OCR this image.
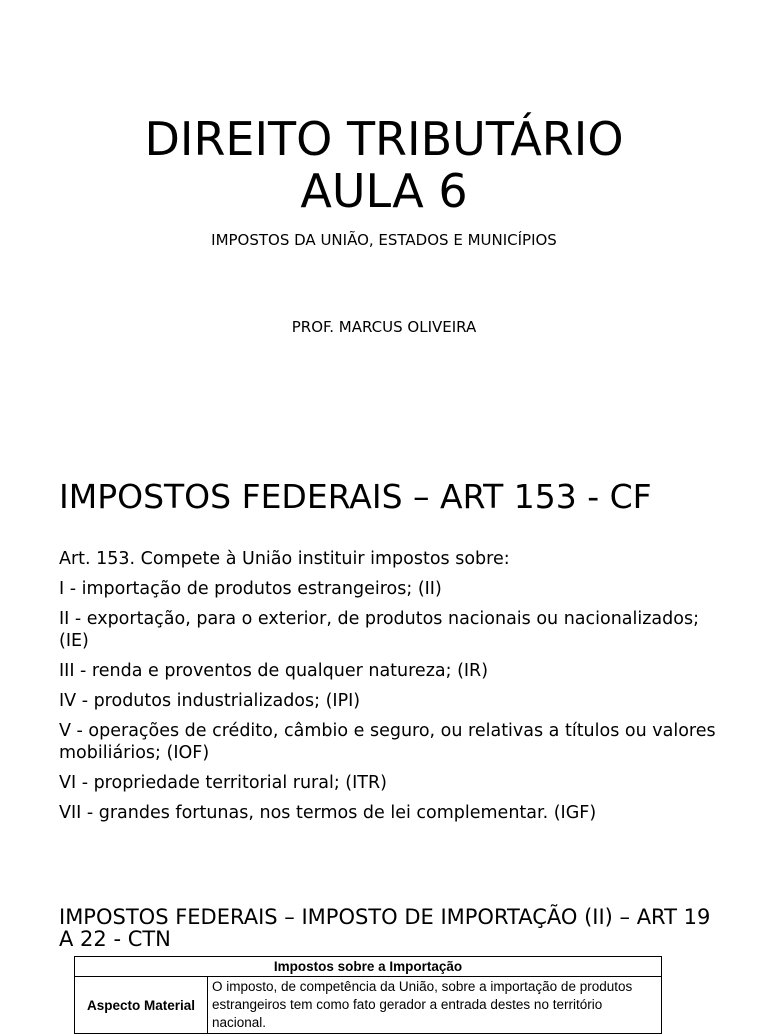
DIREITO TRIBUTÁRIO
AULA 6
IMPOSTOS DA UNIÃO, ESTADOS E MUNICÍPIOS
PROF. MARCUS OLIVEIRA
IMPOSTOS FEDERAIS – ART 153 - CF
Art. 153. Compete à União instituir impostos sobre:
I - importação de produtos estrangeiros; (II)
II - exportação, para o exterior, de produtos nacionais ou nacionalizados; (IE)
III - renda e proventos de qualquer natureza; (IR)
IV - produtos industrializados; (IPI)
V - operações de crédito, câmbio e seguro, ou relativas a títulos ou valores mobiliários; (IOF)
VI - propriedade territorial rural; (ITR)
VII - grandes fortunas, nos termos de lei complementar. (IGF)
IMPOSTOS FEDERAIS – IMPOSTO DE IMPORTAÇÃO (II) – ART 19 A 22 - CTN
Impostos sobre a Importação
Aspecto Material	O imposto, de competência da União, sobre a importação de produtos estrangeiros tem como fato gerador a entrada destes no território nacional.
